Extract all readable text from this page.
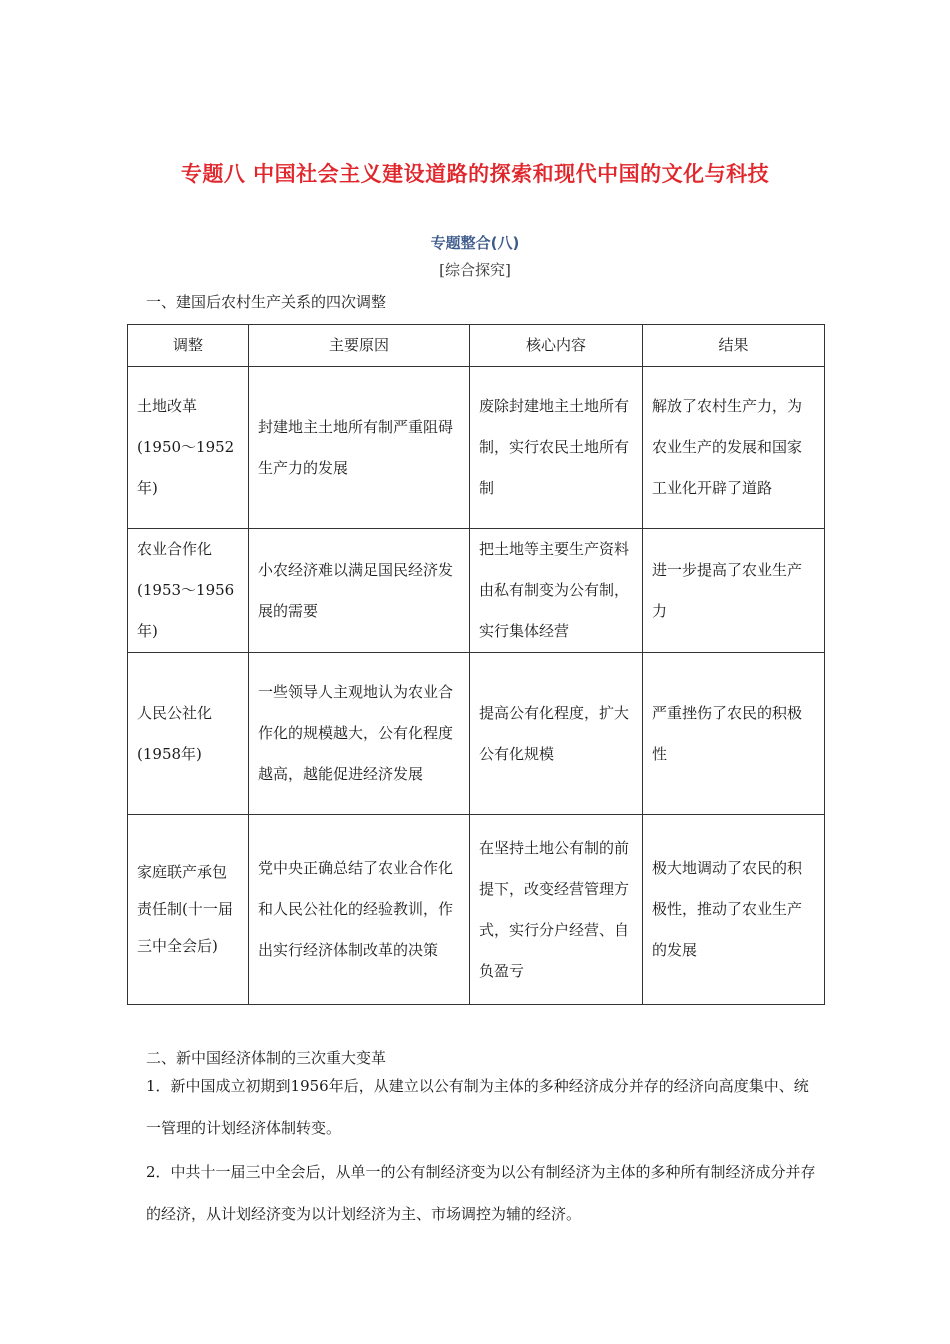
专题八 中国社会主义建设道路的探索和现代中国的文化与科技
专题整合(八)
[综合探究]
一、建国后农村生产关系的四次调整
调整	主要原因	核心内容	结果
土地改革(1950～1952年)	封建地主土地所有制严重阻碍生产力的发展	废除封建地主土地所有制，实行农民土地所有制	解放了农村生产力，为农业生产的发展和国家工业化开辟了道路
农业合作化(1953～1956年)	小农经济难以满足国民经济发展的需要	把土地等主要生产资料由私有制变为公有制，实行集体经营	进一步提高了农业生产力
人民公社化(1958年)	一些领导人主观地认为农业合作化的规模越大，公有化程度越高，越能促进经济发展	提高公有化程度，扩大公有化规模	严重挫伤了农民的积极性
家庭联产承包责任制(十一届三中全会后)	党中央正确总结了农业合作化和人民公社化的经验教训，作出实行经济体制改革的决策	在坚持土地公有制的前提下，改变经营管理方式，实行分户经营、自负盈亏	极大地调动了农民的积极性，推动了农业生产的发展
二、新中国经济体制的三次重大变革
1．新中国成立初期到1956年后，从建立以公有制为主体的多种经济成分并存的经济向高度集中、统一管理的计划经济体制转变。
2．中共十一届三中全会后，从单一的公有制经济变为以公有制经济为主体的多种所有制经济成分并存的经济，从计划经济变为以计划经济为主、市场调控为辅的经济。
